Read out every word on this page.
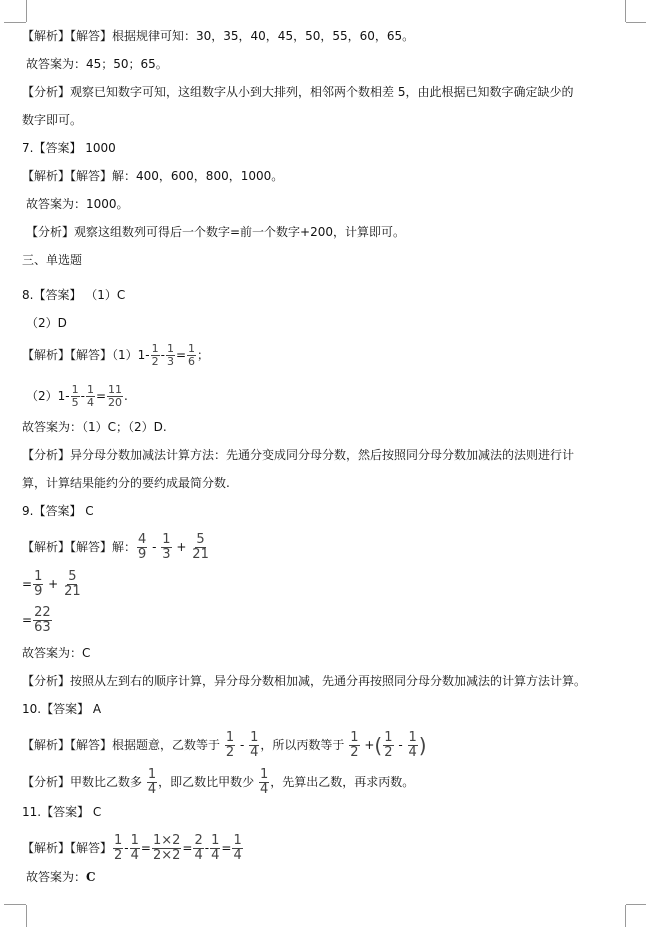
【解析】【解答】根据规律可知：30，35，40，45，50，55，60，65。
故答案为：45；50；65。
【分析】观察已知数字可知，这组数字从小到大排列，相邻两个数相差 5，由此根据已知数字确定缺少的
数字即可。
7.【答案】 1000
【解析】【解答】解：400，600，800，1000。
故答案为：1000。
【分析】观察这组数列可得后一个数字=前一个数字+200，计算即可。
三、单选题
8.【答案】 （1）C
（2）D
【解析】【解答】$(1)1- \frac{1}{2} - \frac{1}{3} = \frac{1}{6}$ ；
$(2)1- \frac{1}{5} - \frac{1}{4} = \frac{11}{20}$ .
故答案为：（1）C；（2）D.
【分析】异分母分数加减法计算方法：先通分变成同分母分数，然后按照同分母分数加减法的法则进行计
算，计算结果能约分的要约成最简分数.
9.【答案】 C
【解析】【解答】解： $\frac{4}{9} - \frac{1}{3} + \frac{5}{21}$
= $\frac{1}{9} + \frac{5}{21}$
= $\frac{22}{63}$
故答案为：C
【分析】按照从左到右的顺序计算，异分母分数相加减，先通分再按照同分母分数加减法的计算方法计算。
10.【答案】 A
【解析】【解答】根据题意，乙数等于 $\frac{1}{2} - \frac{1}{4}$ ，所以丙数等于 $\frac{1}{2}$ +( $\frac{1}{2} - \frac{1}{4}$ )
【分析】甲数比乙数多 $\frac{1}{4}$ ，即乙数比甲数少 $\frac{1}{4}$ ，先算出乙数，再求丙数。
11.【答案】 C
【解析】【解答】 $\frac{1}{2} - \frac{1}{4} = \frac{1\times 2}{2\times 2} = \frac{2}{4} - \frac{1}{4} = \frac{1}{4}$
故答案为：C
